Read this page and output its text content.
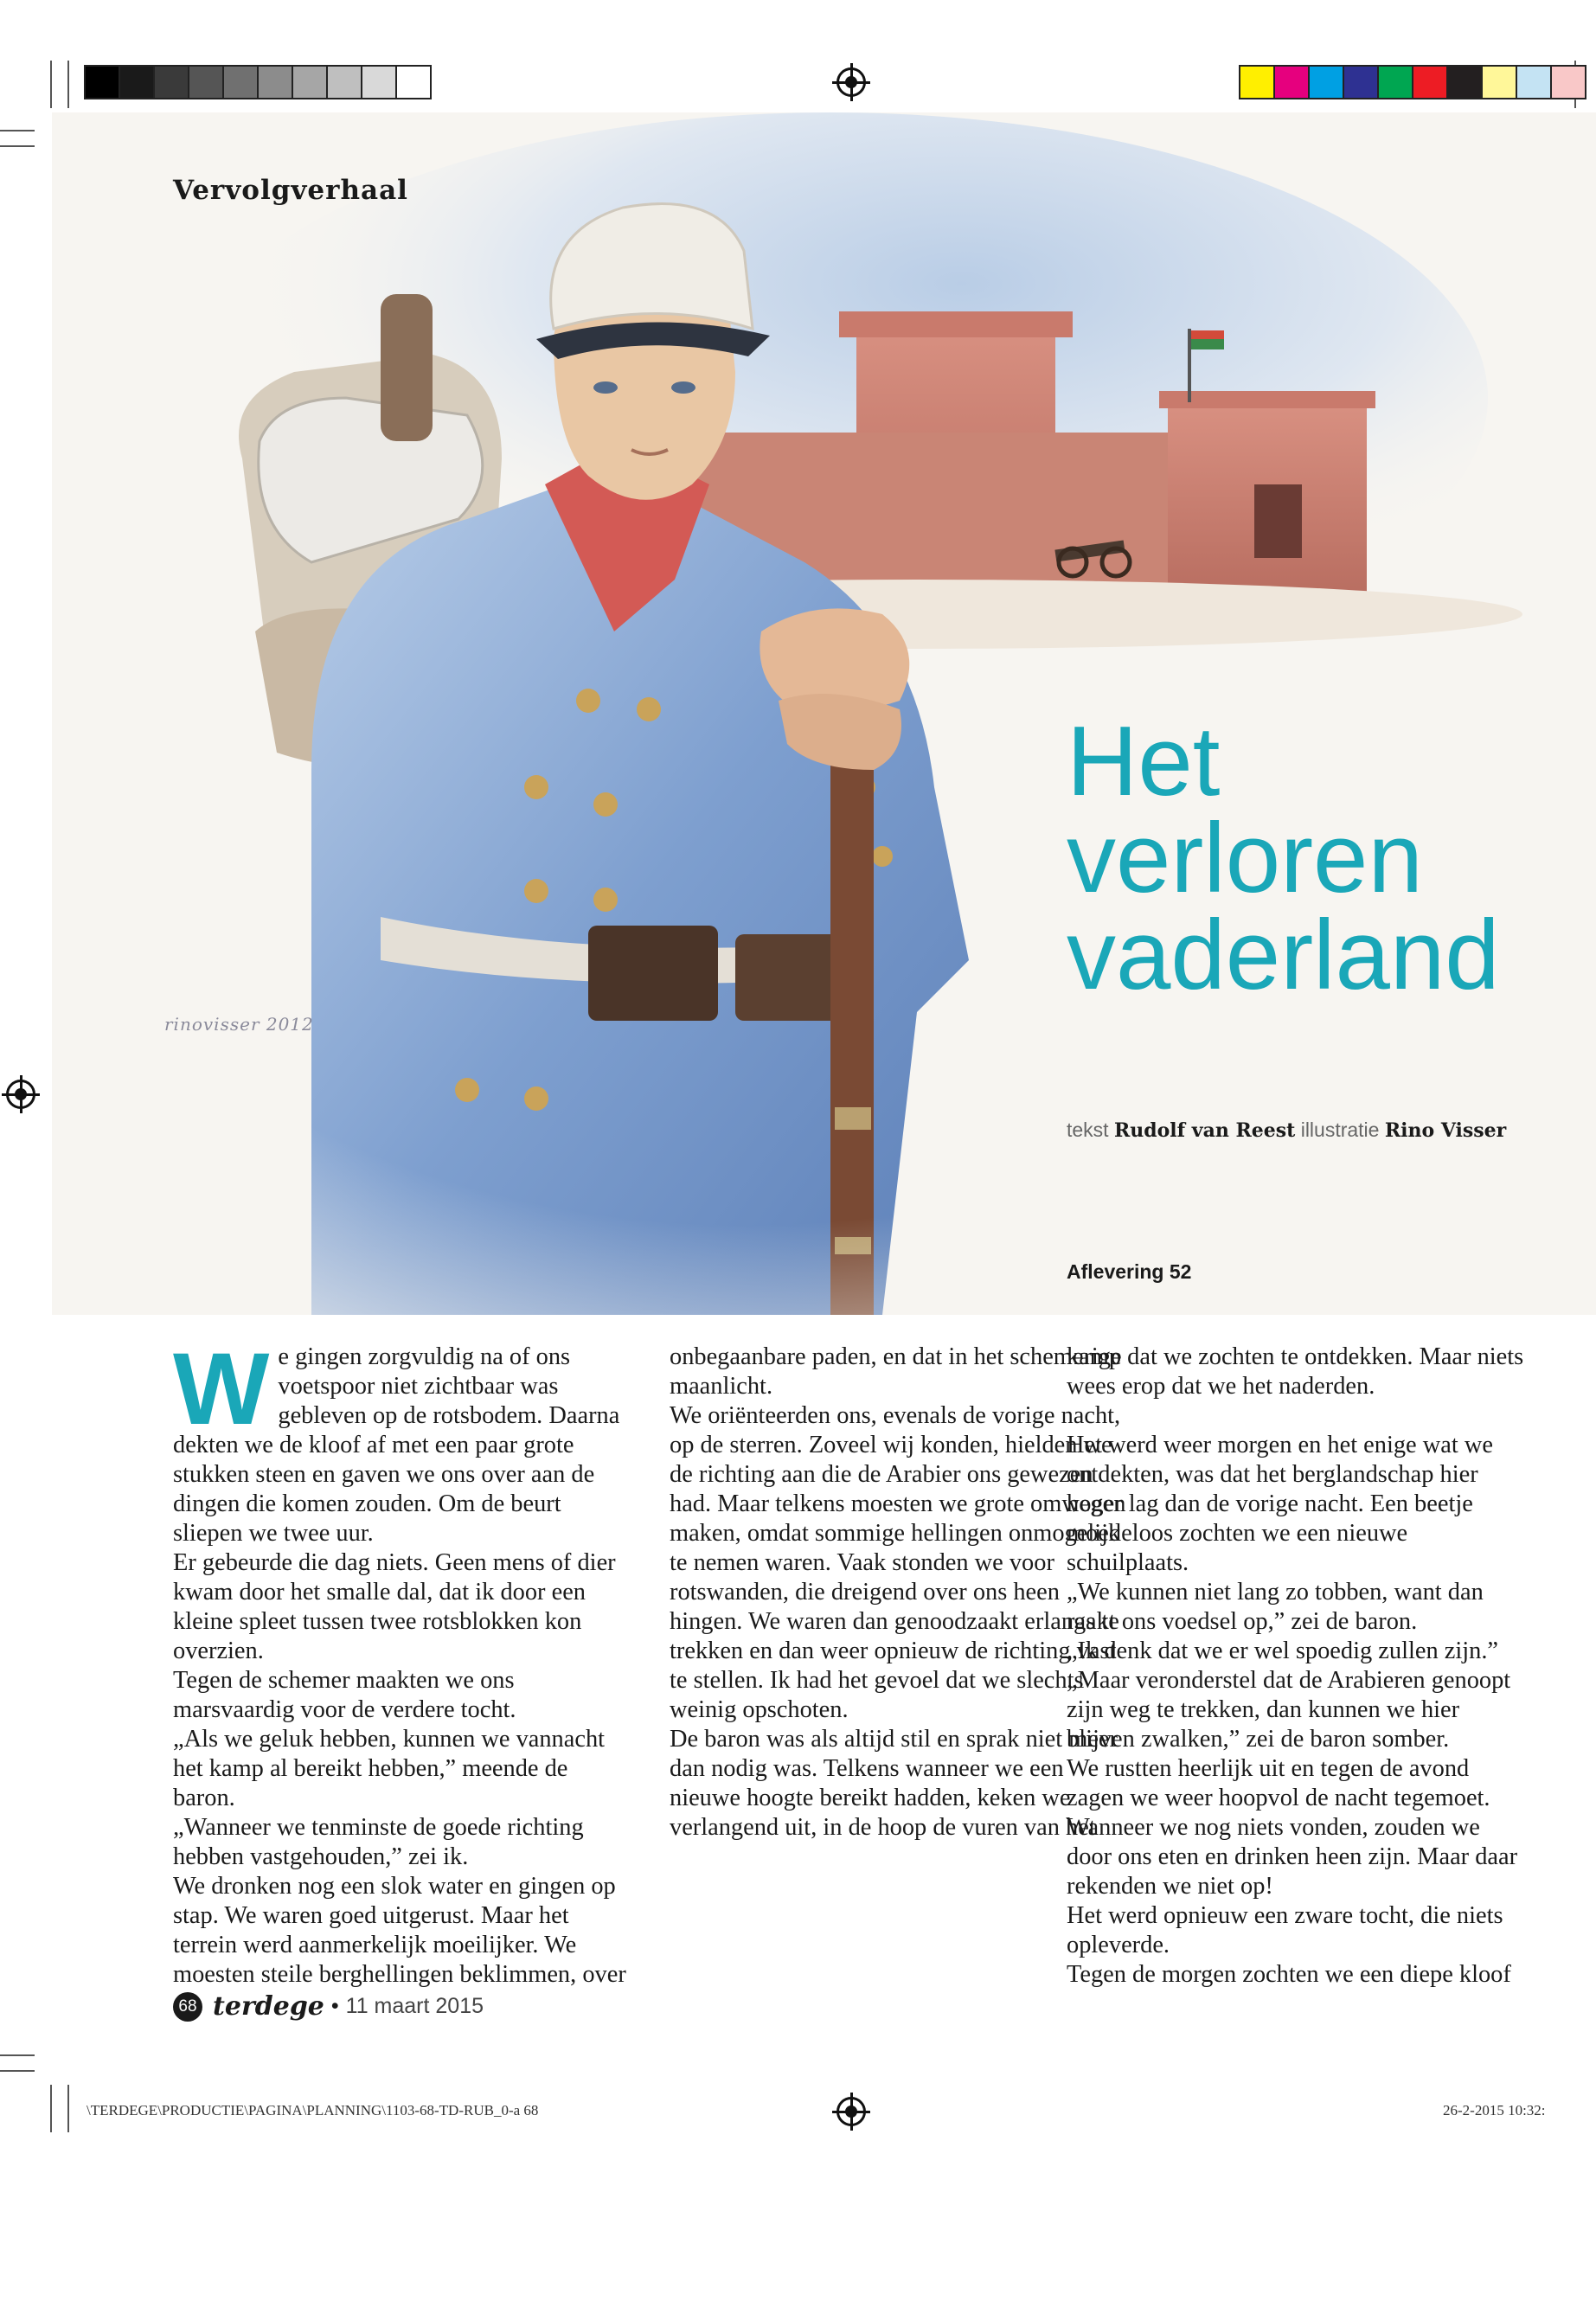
Vervolgverhaal
rinovisser 2012
Het
verloren
vaderland
tekst Rudolf van Reest illustratie Rino Visser
Aflevering 52
W e gingen zorgvuldig na of ons voetspoor niet zichtbaar was gebleven op de rotsbodem. Daarna dekten we de kloof af met een paar grote stukken steen en gaven we ons over aan de dingen die komen zouden. Om de beurt sliepen we twee uur.

Er gebeurde die dag niets. Geen mens of dier kwam door het smalle dal, dat ik door een kleine spleet tussen twee rotsblokken kon overzien.

Tegen de schemer maakten we ons marsvaardig voor de verdere tocht.

„Als we geluk hebben, kunnen we vannacht het kamp al bereikt hebben,” meende de baron.

„Wanneer we tenminste de goede richting hebben vastgehouden,” zei ik.

We dronken nog een slok water en gingen op stap. We waren goed uitgerust. Maar het terrein werd aanmerkelijk moeilijker. We moesten steile berghellingen beklimmen, over

onbegaanbare paden, en dat in het schemerige maanlicht.

We oriënteerden ons, evenals de vorige nacht, op de sterren. Zoveel wij konden, hielden we de richting aan die de Arabier ons gewezen had. Maar telkens moesten we grote omwegen maken, omdat sommige hellingen onmogelijk te nemen waren. Vaak stonden we voor rotswanden, die dreigend over ons heen hingen. We waren dan genoodzaakt erlangs te trekken en dan weer opnieuw de richting vast te stellen. Ik had het gevoel dat we slechts weinig opschoten.

De baron was als altijd stil en sprak niet meer dan nodig was. Telkens wanneer we een nieuwe hoogte bereikt hadden, keken we verlangend uit, in de hoop de vuren van het

kamp dat we zochten te ontdekken. Maar niets wees erop dat we het naderden.

Het werd weer morgen en het enige wat we ontdekten, was dat het berglandschap hier hoger lag dan de vorige nacht. Een beetje moedeloos zochten we een nieuwe schuilplaats.

„We kunnen niet lang zo tobben, want dan raakt ons voedsel op,” zei de baron.

„Ik denk dat we er wel spoedig zullen zijn.”

„Maar veronderstel dat de Arabieren genoopt zijn weg te trekken, dan kunnen we hier blijven zwalken,” zei de baron somber.

We rustten heerlijk uit en tegen de avond zagen we weer hoopvol de nacht tegemoet. Wanneer we nog niets vonden, zouden we door ons eten en drinken heen zijn. Maar daar rekenden we niet op!

Het werd opnieuw een zware tocht, die niets opleverde.

Tegen de morgen zochten we een diepe kloof

68 terdege • 11 maart 2015
\TERDEGE\PRODUCTIE\PAGINA\PLANNING\1103-68-TD-RUB_0-a 68	26-2-2015 10:32:
